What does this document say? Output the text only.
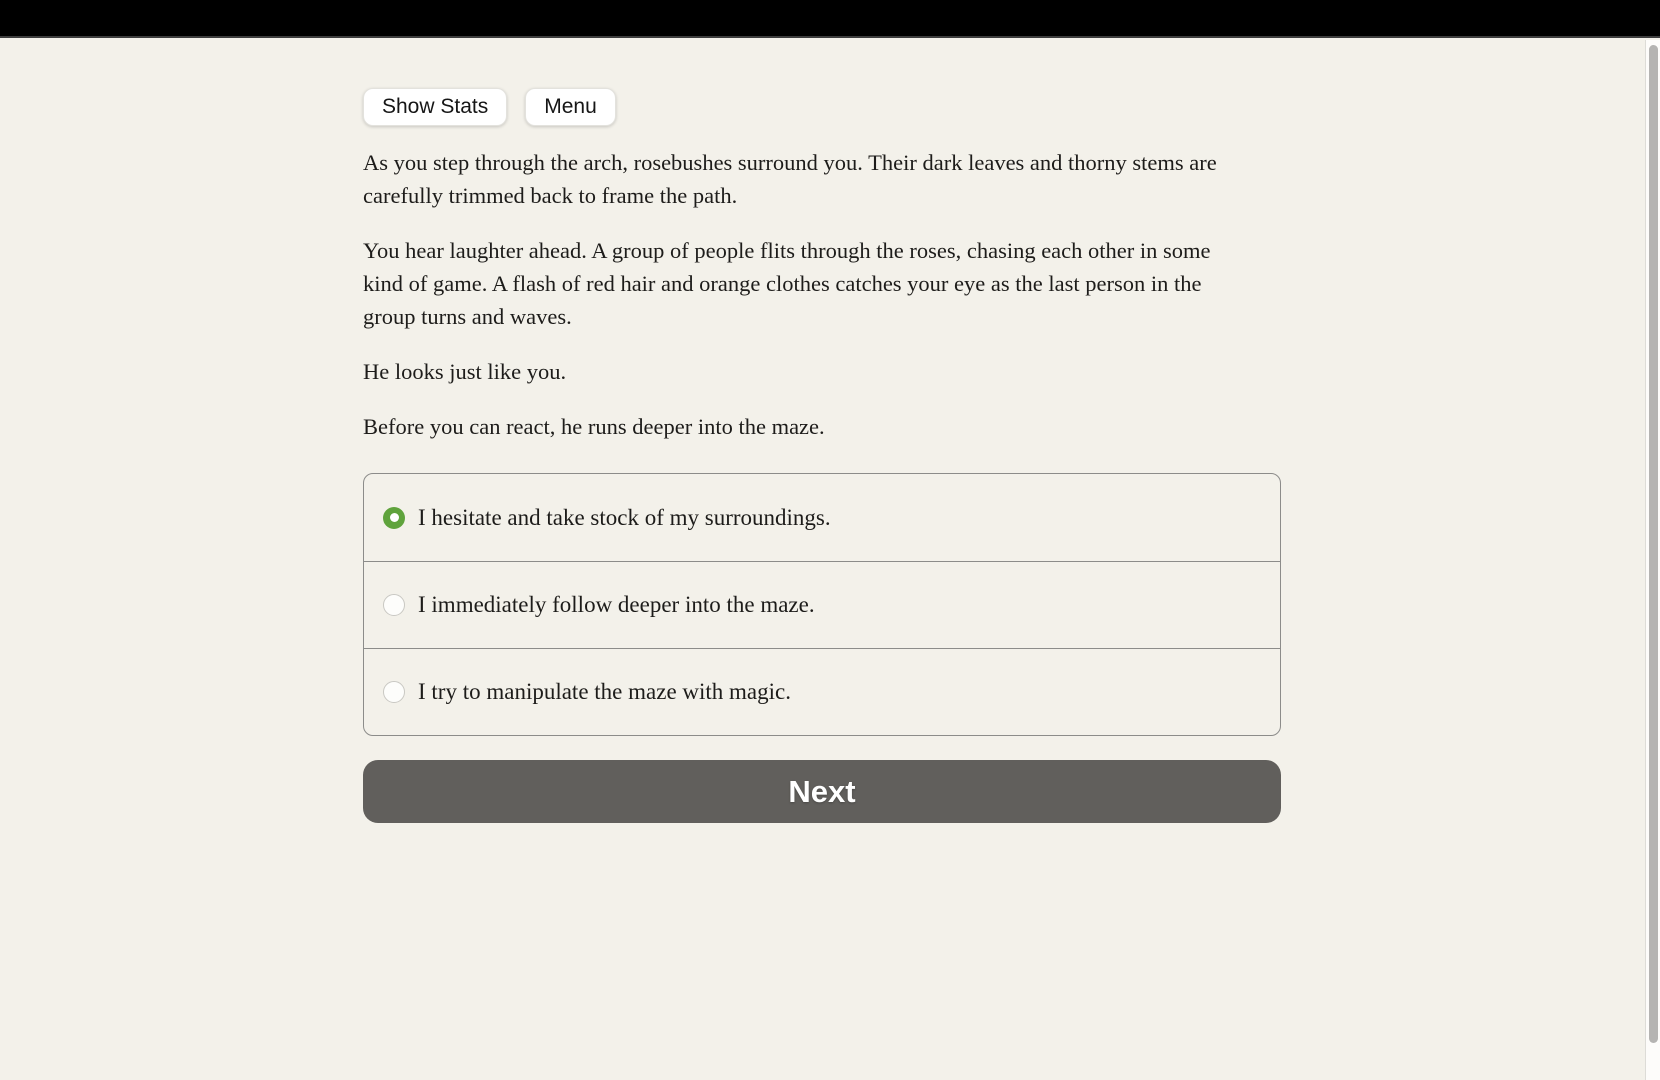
Show Stats	Menu

As you step through the arch, rosebushes surround you. Their dark leaves and thorny stems are carefully trimmed back to frame the path.

You hear laughter ahead. A group of people flits through the roses, chasing each other in some kind of game. A flash of red hair and orange clothes catches your eye as the last person in the group turns and waves.

He looks just like you.

Before you can react, he runs deeper into the maze.

I hesitate and take stock of my surroundings.
I immediately follow deeper into the maze.
I try to manipulate the maze with magic.
Next
